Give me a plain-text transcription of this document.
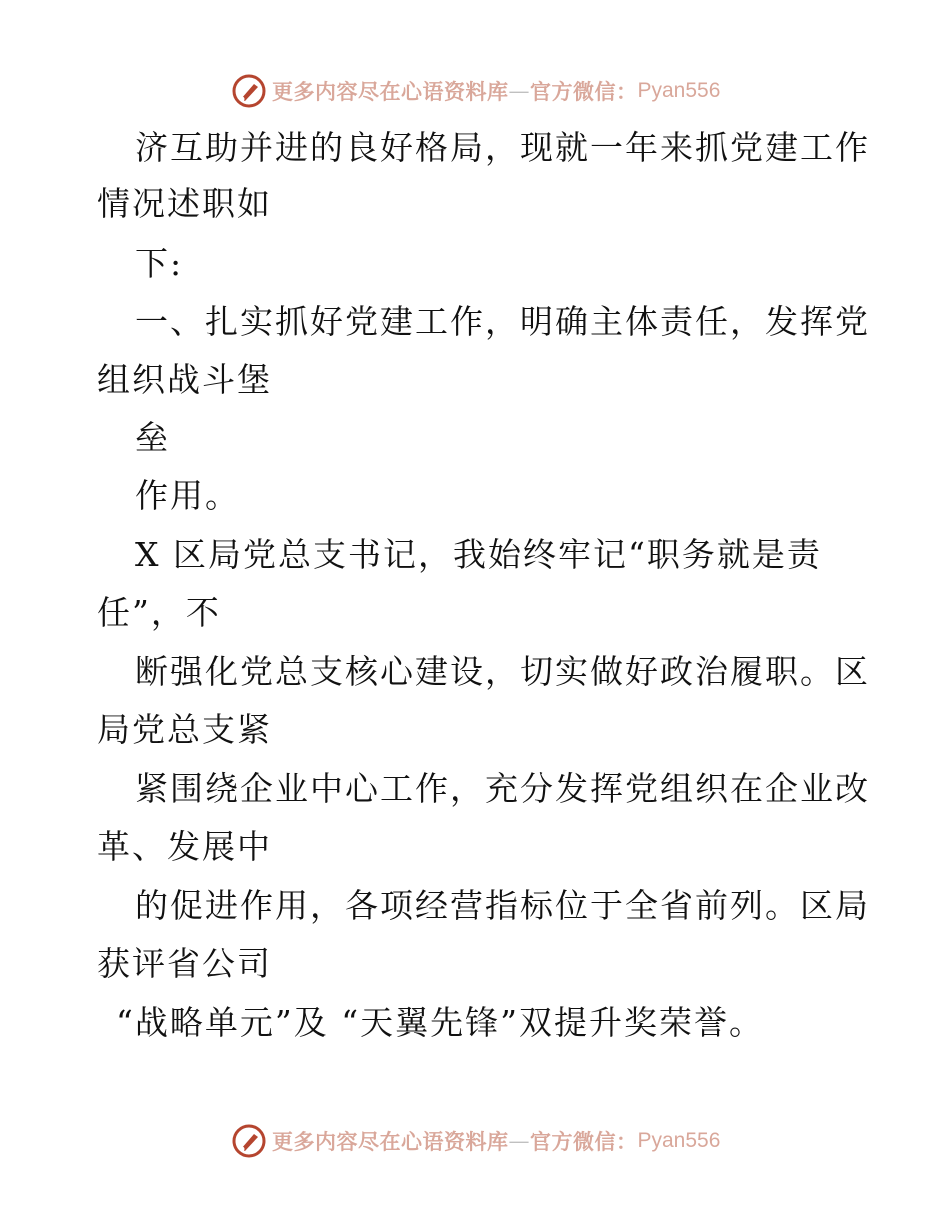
更多内容尽在心语资料库 — 官方微信： Pyan556
济互助并进的良好格局，现就一年来抓党建工作
情况述职如
下:
一、扎实抓好党建工作，明确主体责任，发挥党
组织战斗堡
垒
作用。
X 区局党总支书记，我始终牢记“职务就是责
任”，不
断强化党总支核心建设，切实做好政治履职。区
局党总支紧
紧围绕企业中心工作，充分发挥党组织在企业改
革、发展中
的促进作用，各项经营指标位于全省前列。区局
获评省公司
“战略单元”及 “天翼先锋”双提升奖荣誉。
更多内容尽在心语资料库 — 官方微信： Pyan556
